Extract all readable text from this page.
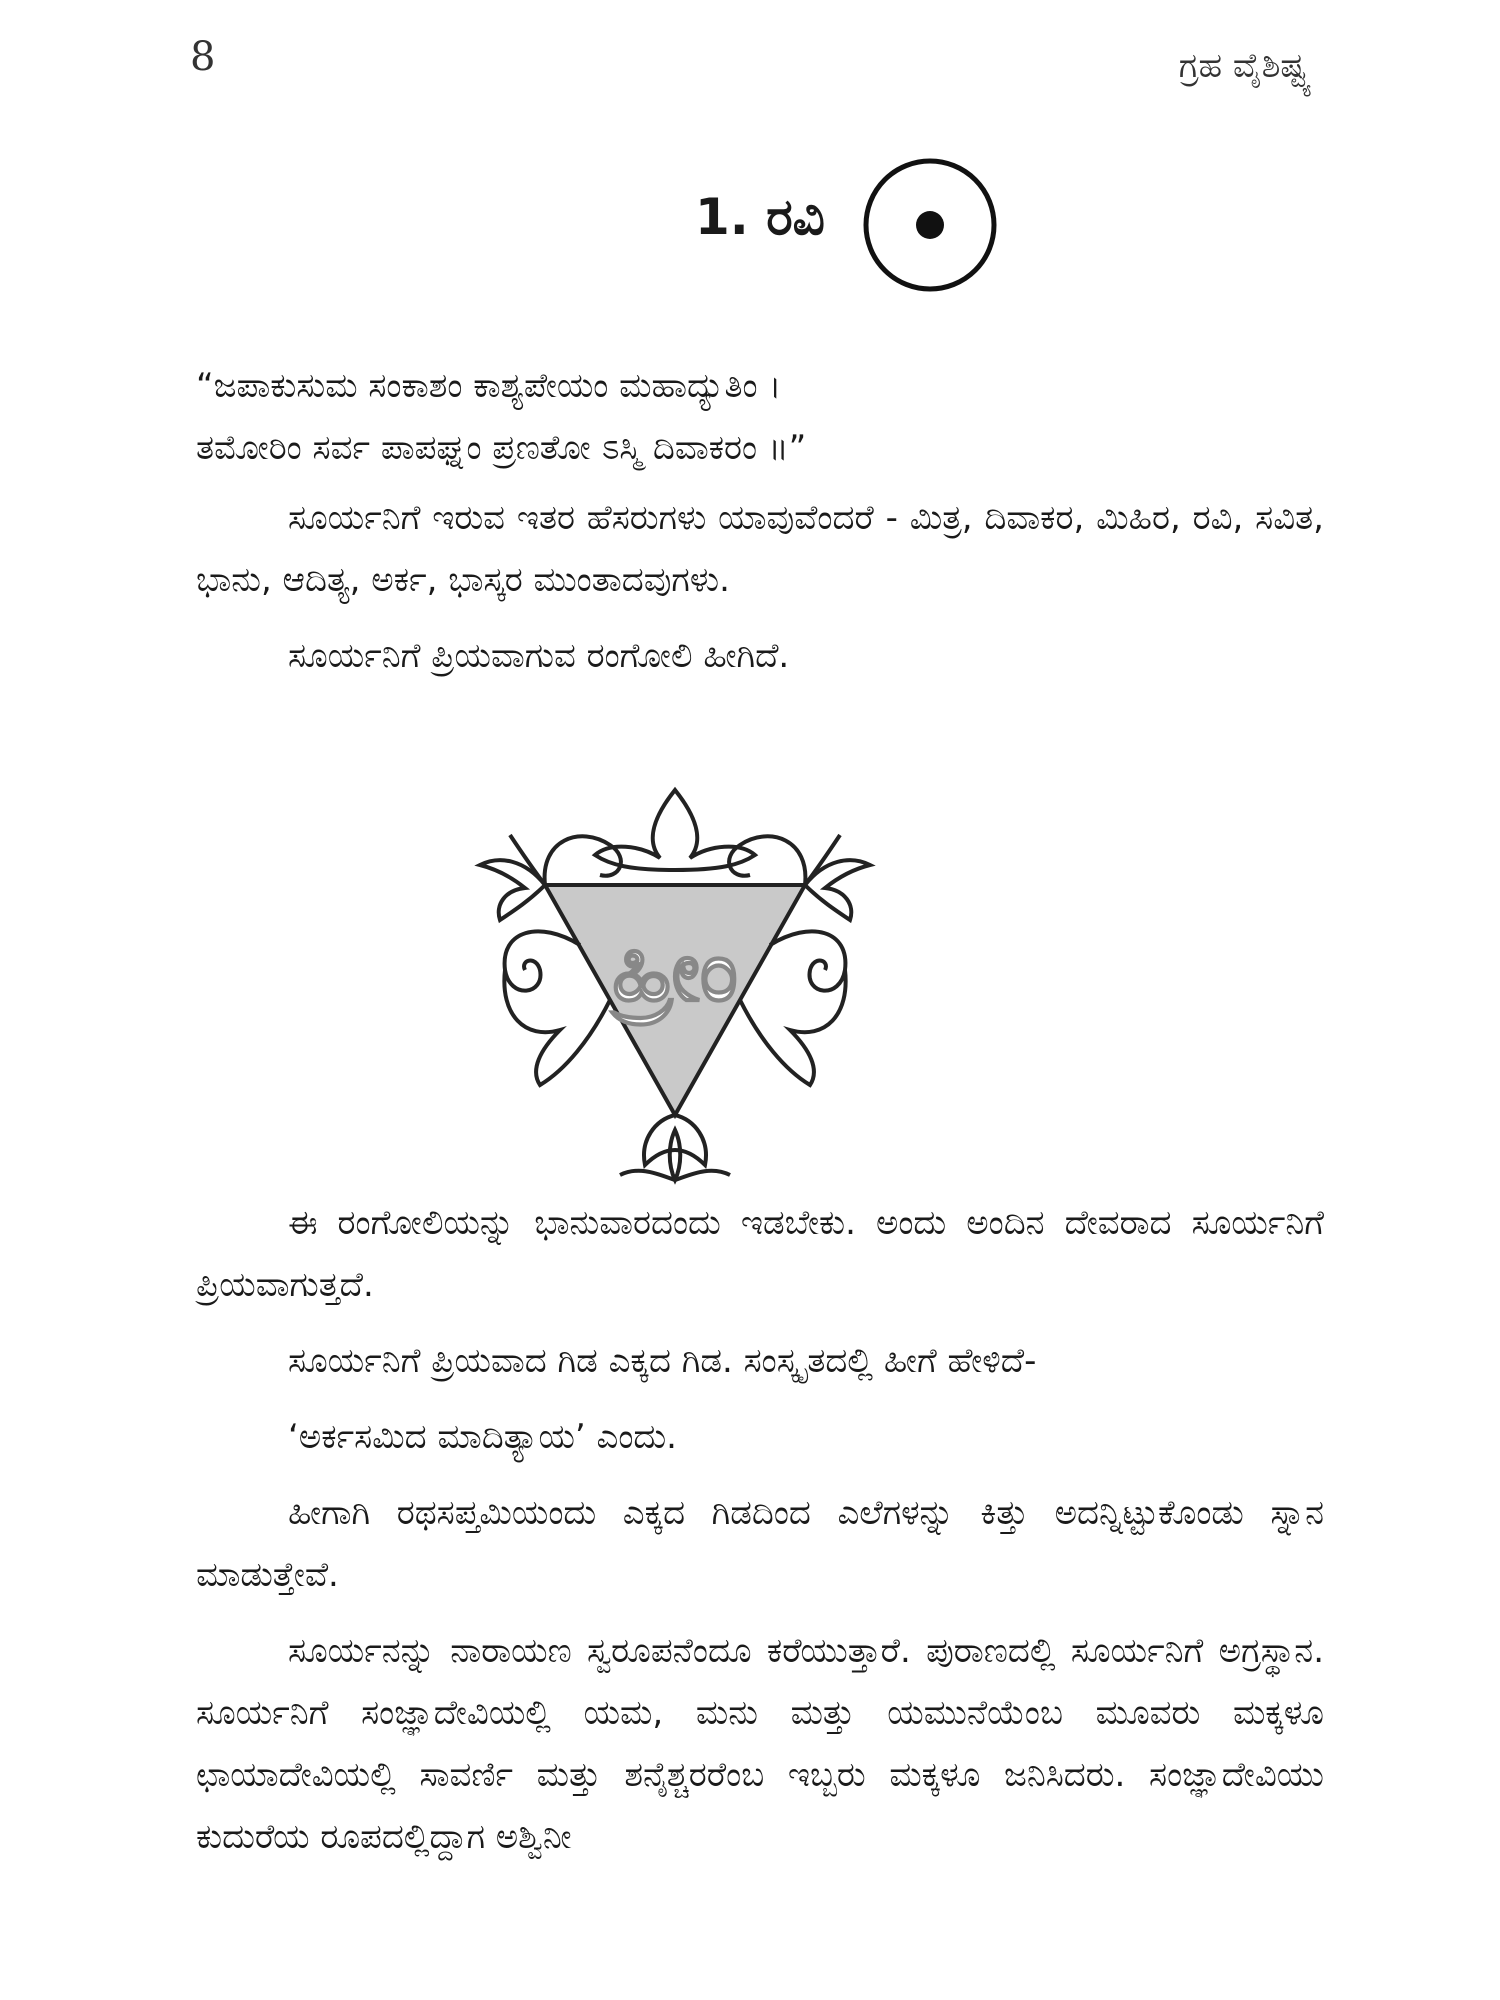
8	ಗ್ರಹ ವೈಶಿಷ್ಟ್ಯ
1. ರವಿ
“ಜಪಾಕುಸುಮ ಸಂಕಾಶಂ ಕಾಶ್ಯಪೇಯಂ ಮಹಾದ್ಯುತಿಂ ।
ತಮೋರಿಂ ಸರ್ವ ಪಾಪಘ್ನಂ ಪ್ರಣತೋ ಽಸ್ಮಿ ದಿವಾಕರಂ ॥”

ಸೂರ್ಯನಿಗೆ ಇರುವ ಇತರ ಹೆಸರುಗಳು ಯಾವುವೆಂದರೆ - ಮಿತ್ರ, ದಿವಾಕರ, ಮಿಹಿರ, ರವಿ, ಸವಿತ, ಭಾನು, ಆದಿತ್ಯ, ಅರ್ಕ, ಭಾಸ್ಕರ ಮುಂತಾದವುಗಳು.

ಸೂರ್ಯನಿಗೆ ಪ್ರಿಯವಾಗುವ ರಂಗೋಲಿ ಹೀಗಿದೆ.

ಹ್ರೀಂ

ಈ ರಂಗೋಲಿಯನ್ನು ಭಾನುವಾರದಂದು ಇಡಬೇಕು. ಅಂದು ಅಂದಿನ ದೇವರಾದ ಸೂರ್ಯನಿಗೆ ಪ್ರಿಯವಾಗುತ್ತದೆ.

ಸೂರ್ಯನಿಗೆ ಪ್ರಿಯವಾದ ಗಿಡ ಎಕ್ಕದ ಗಿಡ. ಸಂಸ್ಕೃತದಲ್ಲಿ ಹೀಗೆ ಹೇಳಿದೆ-

‘ಅರ್ಕಸಮಿದ ಮಾದಿತ್ಯಾಯ’ ಎಂದು.

ಹೀಗಾಗಿ ರಥಸಪ್ತಮಿಯಂದು ಎಕ್ಕದ ಗಿಡದಿಂದ ಎಲೆಗಳನ್ನು ಕಿತ್ತು ಅದನ್ನಿಟ್ಟುಕೊಂಡು ಸ್ನಾನ ಮಾಡುತ್ತೇವೆ.

ಸೂರ್ಯನನ್ನು ನಾರಾಯಣ ಸ್ವರೂಪನೆಂದೂ ಕರೆಯುತ್ತಾರೆ. ಪುರಾಣದಲ್ಲಿ ಸೂರ್ಯನಿಗೆ ಅಗ್ರಸ್ಥಾನ. ಸೂರ್ಯನಿಗೆ ಸಂಜ್ಞಾದೇವಿಯಲ್ಲಿ ಯಮ, ಮನು ಮತ್ತು ಯಮುನೆಯೆಂಬ ಮೂವರು ಮಕ್ಕಳೂ ಛಾಯಾದೇವಿಯಲ್ಲಿ ಸಾವರ್ಣಿ ಮತ್ತು ಶನೈಶ್ಚರರೆಂಬ ಇಬ್ಬರು ಮಕ್ಕಳೂ ಜನಿಸಿದರು. ಸಂಜ್ಞಾದೇವಿಯು ಕುದುರೆಯ ರೂಪದಲ್ಲಿದ್ದಾಗ ಅಶ್ವಿನೀ
